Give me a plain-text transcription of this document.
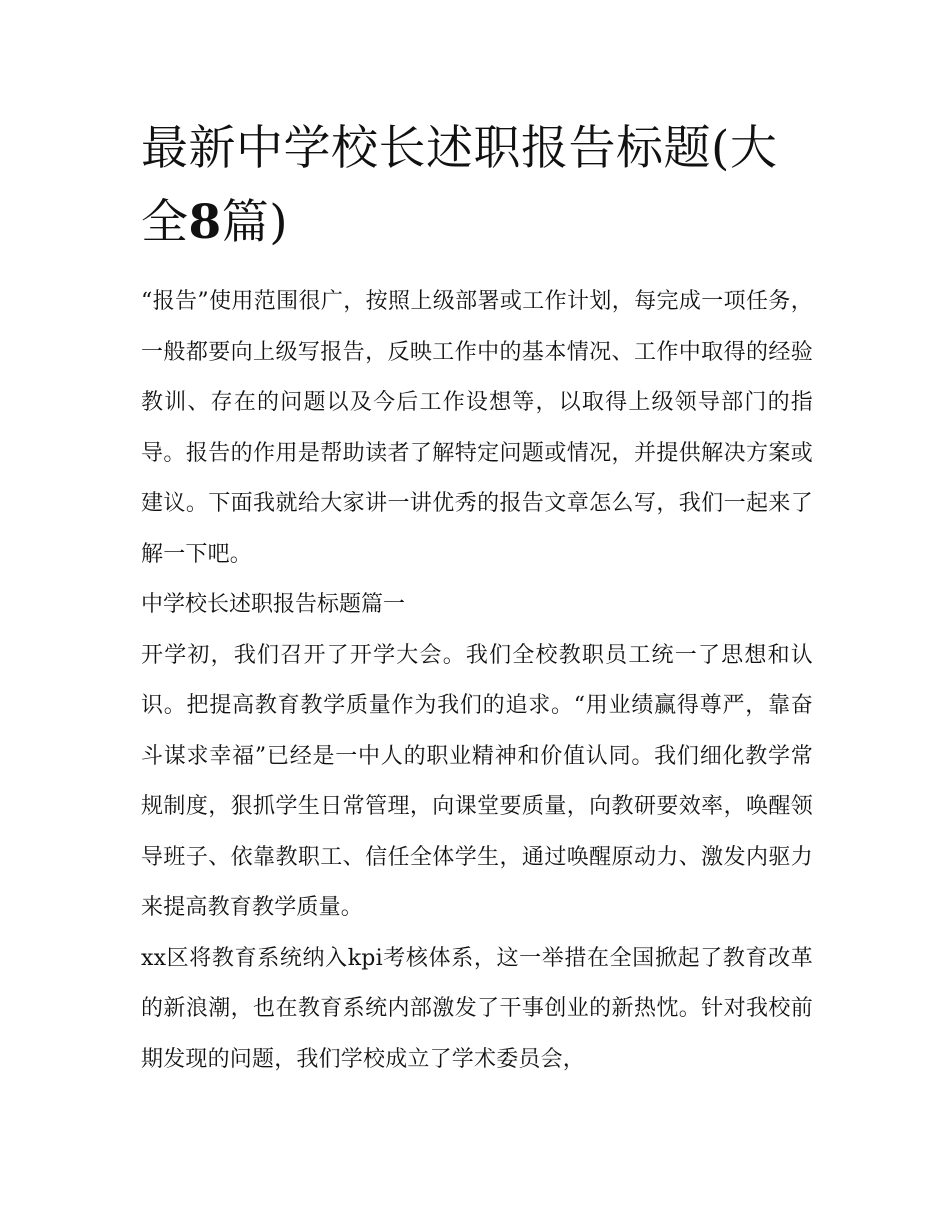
最新中学校长述职报告标题(大全8篇)

“报告”使用范围很广，按照上级部署或工作计划，每完成一项任务，一般都要向上级写报告，反映工作中的基本情况、工作中取得的经验教训、存在的问题以及今后工作设想等，以取得上级领导部门的指导。报告的作用是帮助读者了解特定问题或情况，并提供解决方案或建议。下面我就给大家讲一讲优秀的报告文章怎么写，我们一起来了解一下吧。

中学校长述职报告标题篇一

开学初，我们召开了开学大会。我们全校教职员工统一了思想和认识。把提高教育教学质量作为我们的追求。“用业绩赢得尊严，靠奋斗谋求幸福”已经是一中人的职业精神和价值认同。我们细化教学常规制度，狠抓学生日常管理，向课堂要质量，向教研要效率，唤醒领导班子、依靠教职工、信任全体学生，通过唤醒原动力、激发内驱力来提高教育教学质量。

xx区将教育系统纳入kpi考核体系，这一举措在全国掀起了教育改革的新浪潮，也在教育系统内部激发了干事创业的新热忱。针对我校前期发现的问题，我们学校成立了学术委员会，
